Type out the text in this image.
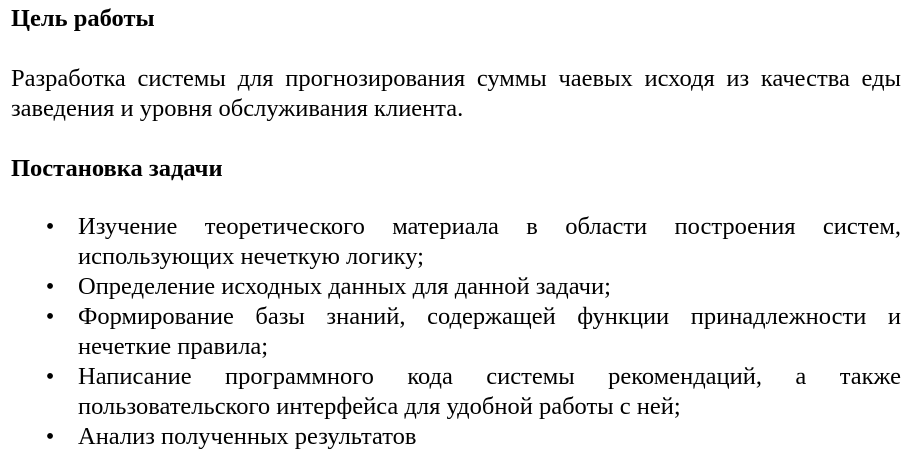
Цель работы

Разработка системы для прогнозирования суммы чаевых исходя из качества еды заведения и уровня обслуживания клиента.

Постановка задачи

• Изучение теоретического материала в области построения систем, использующих нечеткую логику;
• Определение исходных данных для данной задачи;
• Формирование базы знаний, содержащей функции принадлежности и нечеткие правила;
• Написание программного кода системы рекомендаций, а также пользовательского интерфейса для удобной работы с ней;
• Анализ полученных результатов
